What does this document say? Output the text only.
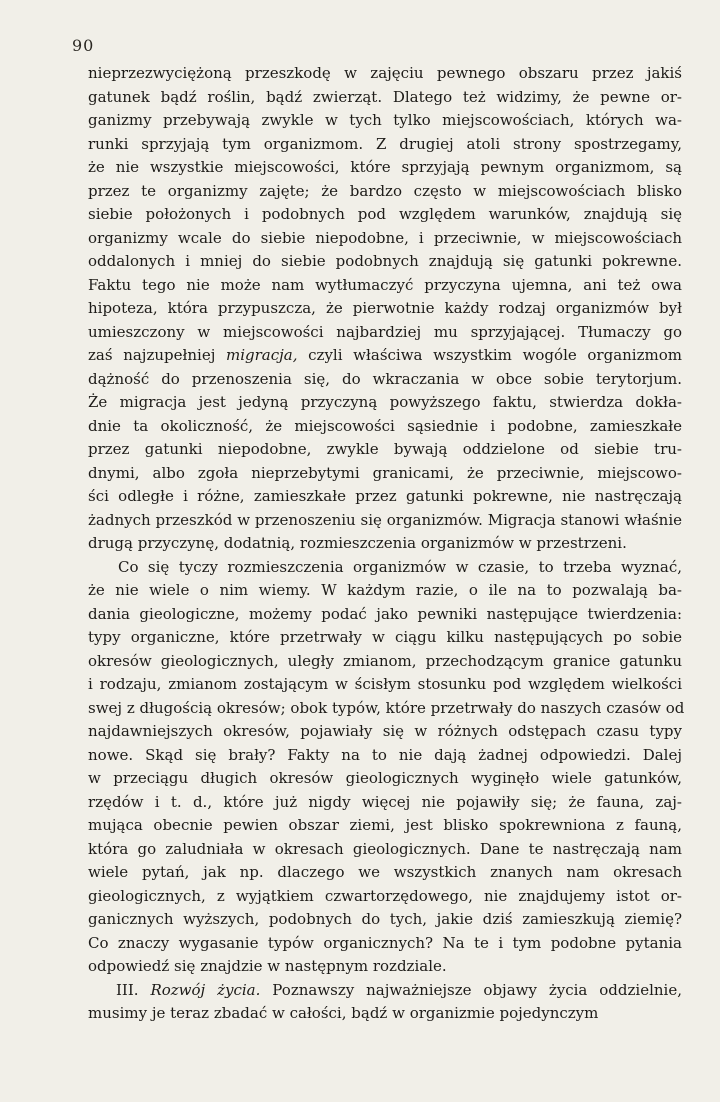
90
nieprzezwyciężoną przeszkodę w zajęciu pewnego obszaru przez jakiś
gatunek bądź roślin, bądź zwierząt. Dlatego też widzimy, że pewne or-
ganizmy przebywają zwykle w tych tylko miejscowościach, których wa-
runki sprzyjają tym organizmom. Z drugiej atoli strony spostrzegamy,
że nie wszystkie miejscowości, które sprzyjają pewnym organizmom, są
przez te organizmy zajęte; że bardzo często w miejscowościach blisko
siebie położonych i podobnych pod względem warunków, znajdują się
organizmy wcale do siebie niepodobne, i przeciwnie, w miejscowościach
oddalonych i mniej do siebie podobnych znajdują się gatunki pokrewne.
Faktu tego nie może nam wytłumaczyć przyczyna ujemna, ani też owa
hipoteza, która przypuszcza, że pierwotnie każdy rodzaj organizmów był
umieszczony w miejscowości najbardziej mu sprzyjającej. Tłumaczy go
zaś najzupełniej migracja, czyli właściwa wszystkim wogóle organizmom
dążność do przenoszenia się, do wkraczania w obce sobie terytorjum.
Że migracja jest jedyną przyczyną powyższego faktu, stwierdza dokła-
dnie ta okoliczność, że miejscowości sąsiednie i podobne, zamieszkałe
przez gatunki niepodobne, zwykle bywają oddzielone od siebie tru-
dnymi, albo zgoła nieprzebytymi granicami, że przeciwnie, miejscowo-
ści odległe i różne, zamieszkałe przez gatunki pokrewne, nie nastręczają
żadnych przeszkód w przenoszeniu się organizmów. Migracja stanowi właśnie
drugą przyczynę, dodatnią, rozmieszczenia organizmów w przestrzeni.
Co się tyczy rozmieszczenia organizmów w czasie, to trzeba wyznać,
że nie wiele o nim wiemy. W każdym razie, o ile na to pozwalają ba-
dania gieologiczne, możemy podać jako pewniki następujące twierdzenia:
typy organiczne, które przetrwały w ciągu kilku następujących po sobie
okresów gieologicznych, uległy zmianom, przechodzącym granice gatunku
i rodzaju, zmianom zostającym w ścisłym stosunku pod względem wielkości
swej z długością okresów; obok typów, które przetrwały do naszych czasów od
najdawniejszych okresów, pojawiały się w różnych odstępach czasu typy
nowe. Skąd się brały? Fakty na to nie dają żadnej odpowiedzi. Dalej
w przeciągu długich okresów gieologicznych wyginęło wiele gatunków,
rzędów i t. d., które już nigdy więcej nie pojawiły się; że fauna, zaj-
mująca obecnie pewien obszar ziemi, jest blisko spokrewniona z fauną,
która go zaludniała w okresach gieologicznych. Dane te nastręczają nam
wiele pytań, jak np. dlaczego we wszystkich znanych nam okresach
gieologicznych, z wyjątkiem czwartorzędowego, nie znajdujemy istot or-
ganicznych wyższych, podobnych do tych, jakie dziś zamieszkują ziemię?
Co znaczy wygasanie typów organicznych? Na te i tym podobne pytania
odpowiedź się znajdzie w następnym rozdziale.
III. Rozwój życia. Poznawszy najważniejsze objawy życia oddzielnie,
musimy je teraz zbadać w całości, bądź w organizmie pojedynczym
